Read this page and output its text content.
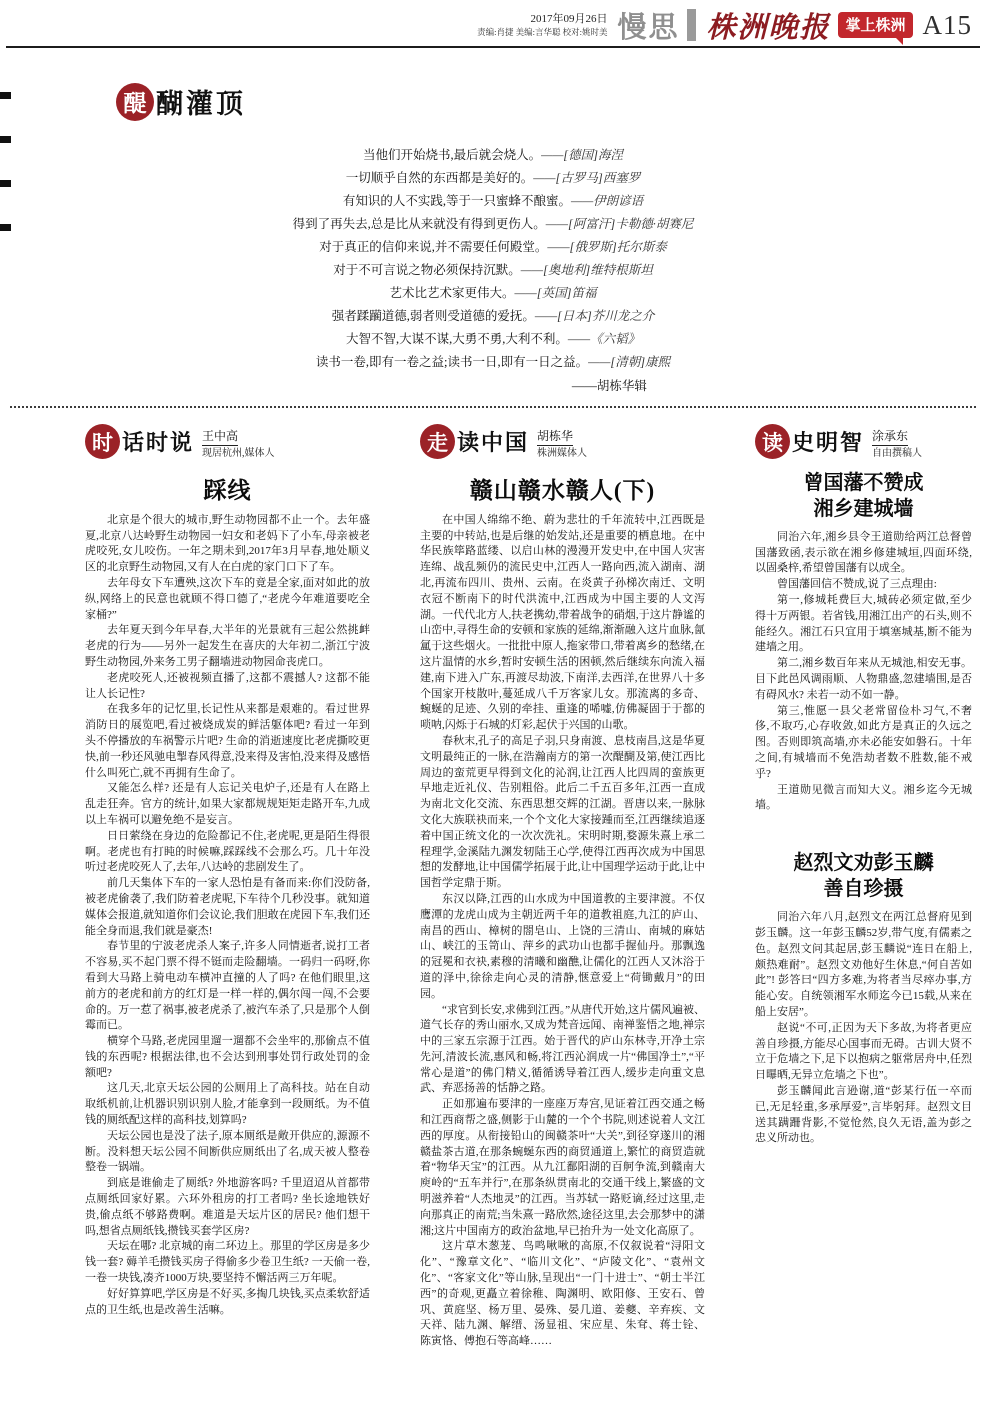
2017年09月26日
责编:肖捷 美编:言华聪 校对:姚时美 慢思 株洲晚报	掌上株洲 A15
醍 醐灌顶
当他们开始烧书,最后就会烧人。——[德国]海涅
一切顺乎自然的东西都是美好的。——[古罗马]西塞罗
有知识的人不实践,等于一只蜜蜂不酿蜜。——伊朗谚语
得到了再失去,总是比从来就没有得到更伤人。——[阿富汗]卡勒德·胡赛尼
对于真正的信仰来说,并不需要任何殿堂。——[俄罗斯]托尔斯泰
对于不可言说之物必须保持沉默。——[奥地利]维特根斯坦
艺术比艺术家更伟大。——[英国]笛福
强者蹂躏道德,弱者则受道德的爱抚。——[日本]芥川龙之介
大智不智,大谋不谋,大勇不勇,大利不利。——《六韬》
读书一卷,即有一卷之益;读书一日,即有一日之益。——[清朝]康熙
——胡栋华辑
时 话时说 王中高
现居杭州,媒体人
踩线

北京是个很大的城市,野生动物园都不止一个。去年盛夏,北京八达岭野生动物园一妇女和老妈下了小车,母亲被老虎咬死,女儿咬伤。一年之期未到,2017年3月早春,地处顺义区的北京野生动物园,又有人在白虎的家门口下了车。

去年母女下车遭殃,这次下车的竟是全家,面对如此的放纵,网络上的民意也就顾不得口德了,“老虎今年难道要吃全家桶?”

去年夏天到今年早春,大半年的光景就有三起公然挑衅老虎的行为——另外一起发生在喜庆的大年初二,浙江宁波野生动物园,外来务工男子翻墙进动物园命丧虎口。

老虎咬死人,还被视频直播了,这都不震撼人? 这都不能让人长记性?

在我多年的记忆里,长记性从来都是艰难的。看过世界消防日的展览吧,看过被烧成炭的鲜活躯体吧? 看过一年到头不停播放的车祸警示片吧? 生命的消逝速度比老虎撕咬更快,前一秒还风驰电掣春风得意,没来得及害怕,没来得及感悟什么叫死亡,就不再拥有生命了。

又能怎么样? 还是有人忘记关电炉子,还是有人在路上乱走狂奔。官方的统计,如果大家都规规矩矩走路开车,九成以上车祸可以避免绝不是妄言。

日日萦绕在身边的危险都记不住,老虎呢,更是陌生得很啊。老虎也有打盹的时候嘛,踩踩线不会那么巧。几十年没听过老虎咬死人了,去年,八达岭的悲剧发生了。

前几天集体下车的一家人恐怕是有备而来:你们没防备,被老虎偷袭了,我们防着老虎呢,下车待个几秒没事。就知道媒体会报道,就知道你们会议论,我们胆敢在虎园下车,我们还能全身而退,我们就是豪杰!

春节里的宁波老虎杀人案子,许多人同情逝者,说打工者不容易,买不起门票不得不铤而走险翻墙。一码归一码呀,你看到大马路上骑电动车横冲直撞的人了吗? 在他们眼里,这前方的老虎和前方的红灯是一样一样的,偶尔闯一闯,不会要命的。万一惹了祸事,被老虎杀了,被汽车杀了,只是那个人倒霉而已。

横穿个马路,老虎园里遛一遛都不会坐牢的,那偷点不值钱的东西呢? 根据法律,也不会达到刑事处罚行政处罚的金额吧?

这几天,北京天坛公园的公厕用上了高科技。站在自动取纸机前,让机器识别识别人脸,才能拿到一段厕纸。为不值钱的厕纸配这样的高科技,划算吗?

天坛公园也是没了法子,原本厕纸是敞开供应的,源源不断。没料想天坛公园不间断供应厕纸出了名,成天被人整卷整卷一锅端。

到底是谁偷走了厕纸? 外地游客吗? 千里迢迢从首都带点厕纸回家好累。六环外租房的打工者吗? 坐长途地铁好贵,偷点纸不够路费啊。难道是天坛片区的居民? 他们想干吗,想省点厕纸钱,攒钱买套学区房?

天坛在哪? 北京城的南二环边上。那里的学区房是多少钱一套? 薅羊毛攒钱买房子得偷多少卷卫生纸? 一天偷一卷,一卷一块钱,凑齐1000万块,要坚持不懈活两三万年呢。

好好算算吧,学区房是不好买,多掏几块钱,买点柔软舒适点的卫生纸,也是改善生活嘛。

走 读中国 胡栋华
株洲媒体人
赣山赣水赣人(下)

在中国人绵绵不绝、蔚为悲壮的千年流转中,江西既是主要的中转站,也是后继的始发站,还是重要的栖息地。在中华民族筚路蓝缕、以启山林的漫漫开发史中,在中国人灾害连绵、战乱频仍的流民史中,江西人一路向西,流入湖南、湖北,再流布四川、贵州、云南。在炎黄子孙梯次南迁、文明衣冠不断南下的时代洪流中,江西成为中国主要的人文泻湖。一代代北方人,扶老携幼,带着战争的硝烟,于这片静谧的山峦中,寻得生命的安顿和家族的延绵,渐渐融入这片血脉,氤氲于这些烟火。一批批中原人,拖家带口,带着离乡的愁绪,在这片温情的水乡,暂时安顿生活的困顿,然后继续东向流入福建,南下进入广东,再渡尽劫波,下南洋,去西洋,在世界八十多个国家开枝散叶,蔓延成八千万客家儿女。那流离的多奇、蜿蜒的足迹、久别的牵挂、重逢的唏嘘,仿佛凝固于于都的唢呐,闪烁于石城的灯彩,起伏于兴国的山歌。

春秋末,孔子的高足子羽,只身南渡、息枝南昌,这是华夏文明最纯正的一脉,在浩瀚南方的第一次醍醐及第,使江西比周边的蛮荒更早得到文化的沁润,让江西人比四周的蛮族更早地走近礼仪、告别粗俗。此后二千五百多年,江西一直成为南北文化交流、东西思想交辉的江湖。晋唐以来,一脉脉文化大族联袂而来,一个个文化大家接踵而至,江西继续追逐着中国正统文化的一次次洗礼。宋明时期,婺源朱熹上承二程理学,金溪陆九渊发轫陆王心学,使得江西再次成为中国思想的发酵地,让中国儒学拓展于此,让中国理学运动于此,让中国哲学定鼎于斯。

东汉以降,江西的山水成为中国道教的主要津渡。不仅鹰潭的龙虎山成为主朝近两千年的道教祖庭,九江的庐山、南昌的西山、樟树的閤皂山、上饶的三清山、南城的麻姑山、峡江的玉笥山、萍乡的武功山也都手握仙丹。那飘逸的冠冕和衣袂,素穆的清曦和幽醮,让儒化的江西人又沐浴于道的泽中,徐徐走向心灵的清静,惬意爱上“荷锄戴月”的田园。

“求官到长安,求佛到江西。”从唐代开始,这片儒风遍被、道气长存的秀山丽水,又成为梵音远闻、南禅鉴悟之地,禅宗中的三家五宗源于江西。始于晋代的庐山东林寺,开净土宗先河,清波长流,惠风和畅,将江西沁润成一片“佛国净土”,“平常心是道”的佛门精义,循循诱导着江西人,缓步走向重文息武、弃恶扬善的恬静之路。

正如那遍布要津的一座座万寿宫,见证着江西交通之畅和江西商帮之盛,侧影于山麓的一个个书院,则述说着人文江西的厚度。从衔接铅山的闽赣茶叶“大关”,到径穿遂川的湘赣盐茶古道,在那条蜿蜒东西的商贸通道上,繁忙的商贸造就着“物华天宝”的江西。从九江鄱阳湖的百舸争流,到赣南大庾岭的“五车并行”,在那条纵贯南北的交通干线上,繁盛的文明滋养着“人杰地灵”的江西。当苏轼一路贬谪,经过这里,走向那真正的南荒;当朱熹一路欣然,途径这里,去会那梦中的潇湘;这片中国南方的政治盆地,早已抬升为一处文化高原了。

这片草木葱茏、鸟鸣啾啾的高原,不仅叙说着“浔阳文化”、“豫章文化”、“临川文化”、“庐陵文化”、“袁州文化”、“客家文化”等山脉,呈现出“一门十进士”、“朝士半江西”的奇观,更矗立着徐稚、陶渊明、欧阳修、王安石、曾巩、黄庭坚、杨万里、晏殊、晏几道、姜夔、辛弃疾、文天祥、陆九渊、解缙、汤显祖、宋应星、朱耷、蒋士铨、陈寅恪、傅抱石等高峰……

读 史明智 涂承东
自由撰稿人
曾国藩不赞成
湘乡建城墙

同治六年,湘乡县令王道勋给两江总督曾国藩致函,表示欲在湘乡修建城垣,四面环绕,以固桑梓,希望曾国藩有以成全。

曾国藩回信不赞成,说了三点理由:

第一,修城耗费巨大,城砖必须定做,至少得十万两银。若省钱,用湘江出产的石头,则不能经久。湘江石只宜用于填塞城基,断不能为建墙之用。

第二,湘乡数百年来从无城池,相安无事。目下此邑风调雨顺、人物鼎盛,忽建墙围,是否有碍风水? 未若一动不如一静。

第三,惟愿一县父老常留俭朴习气,不奢侈,不取巧,心存收敛,如此方是真正的久远之图。否则即筑高墙,亦未必能安如磐石。十年之间,有城墙而不免浩劫者数不胜数,能不戒乎?

王道勋见微言而知大义。湘乡迄今无城墙。

赵烈文劝彭玉麟
善自珍摄

同治六年八月,赵烈文在两江总督府见到彭玉麟。这一年彭玉麟52岁,带气度,有儒素之色。赵烈文问其起居,彭玉麟说“连日在船上,颇热难耐”。赵烈文劝他好生休息,“何自苦如此”! 彭答曰“四方多难,为将者当尽瘁办事,方能心安。自统领湘军水师迄今已15载,从来在船上安居”。

赵说“不可,正因为天下多故,为将者更应善自珍摄,方能尽心国事而无碍。古训大贤不立于危墙之下,足下以抱病之躯常居舟中,任烈日曝晒,无异立危墙之下也”。

彭玉麟闻此言逊谢,道“彭某行伍一卒而已,无足轻重,多承厚爱”,言毕躬拜。赵烈文目送其蹒跚背影,不觉怆然,良久无语,盖为彭之忠义所动也。
